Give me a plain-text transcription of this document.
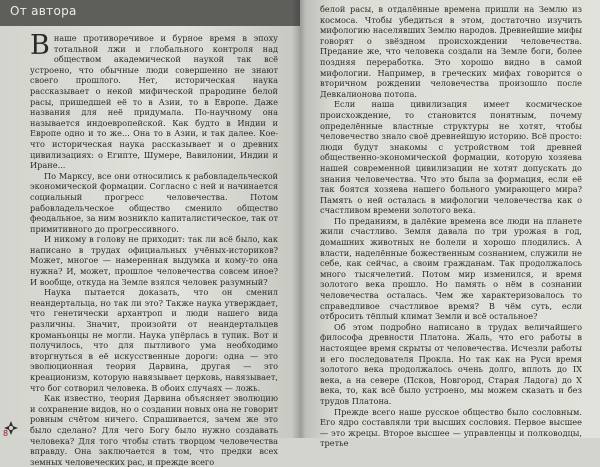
От автора

Внаше противоречивое и бурное время в эпоху тотальной лжи и глобального контроля над обществом академической наукой так всё устроено, что обычные люди совершенно не знают своего прошлого. Нет, историческая наука рассказывает о некой мифической прародине белой расы, пришедшей её то в Азии, то в Европе. Даже названия для неё придумала. По-научному она называется индоевропейской. Как будто в Индии и Европе одно и то же... Она то в Азии, и так далее. Кое-что историческая наука рассказывает и о древних цивилизациях: о Египте, Шумере, Вавилонии, Индии и Иране...

По Марксу, все они относились к рабовладельческой экономической формации. Согласно с ней и начинается социальный прогресс человечества. Потом рабовладельческое общество сменило общество феодальное, за ним возникло капиталистическое, так от примитивного до прогрессивного.

И никому в голову не приходит: так ли всё было, как написано в трудах официальных учёных-историков? Может, многое — намеренная выдумка и кому-то она нужна? И, может, прошлое человечества совсем иное? И вообще, откуда на Земле взялся человек разумный?

Наука пытается доказать, что он сменил неандертальца, но так ли это? Также наука утверждает, что генетически архантроп и люди нашего вида различны. Значит, произойти от неандертальцев кроманьонцы не могли. Наука упёрлась в тупик. Вот и получилось, что для пытливого ума необходимо вторгнуться в её искусственные дороги: одна — это эволюционная теория Дарвина, другая — это креационизм, которую навязывает церковь, навязывает, что бог сотворил человека. В обоих случаях — ложь.

Как известно, теория Дарвина объясняет эволюцию и сохранение видов, но о создании новых она не говорит ровным счётом ничего. Спрашивается, зачем же это было сделано? Для чего Богу было нужно создавать человека? Для того чтобы стать творцом человечества вправду. Она заключается в том, что предки всех земных человеческих рас, и прежде всего

8

белой расы, в отдалённые времена пришли на Землю из космоса. Чтобы убедиться в этом, достаточно изучить мифологию населявших Землю народов. Древнейшие мифы говорят о звёздном происхождении человечества. Предание же, что человека создали на Земле боги, более поздняя переработка. Это хорошо видно в самой мифологии. Например, в греческих мифах говорится о вторичном рождении человечества произошло после Девкалионова потопа.

Если наша цивилизация имеет космическое происхождение, то становится понятным, почему определённые властные структуры не хотят, чтобы человечество знало своё древнейшую историю. Всё просто: люди будут знакомы с устройством той древней общественно-экономической формации, которую хозяева нашей современной цивилизации не хотят допускать до знания человечества. Что это была за формация, если её так боятся хозяева нашего больного умирающего мира? Память о ней осталась в мифологии человечества как о счастливом времени золотого века.

По преданиям, в далёкие времена все люди на планете жили счастливо. Земля давала по три урожая в год, домашних животных не болели и хорошо плодились. А власти, наделённые божественным сознанием, служили не себе, как сейчас, а своим гражданам. Так продолжалось много тысячелетий. Потом мир изменился, и время золотого века прошло. Но память о нём в сознании человечества осталась. Чем же характеризовалось то справедливое счастливое время? В чём суть, если отбросить тёплый климат Земли и всё остальное?

Об этом подробно написано в трудах величайшего философа древности Платона. Жаль, что его работы в настоящее время скрыты от человечества. Исчезли работы и его последователя Прокла. Но так как на Руси время золотого века продолжалось очень долго, вплоть до IX века, а на севере (Псков, Новгород, Старая Ладога) до Х века, то, как всё было устроено, мы можем сказать и без трудов Платона.

Прежде всего наше русское общество было сословным. Его ядро составляли три высших сословия. Первое высшее — это жрецы. Второе высшее — управленцы и полководцы, третье
